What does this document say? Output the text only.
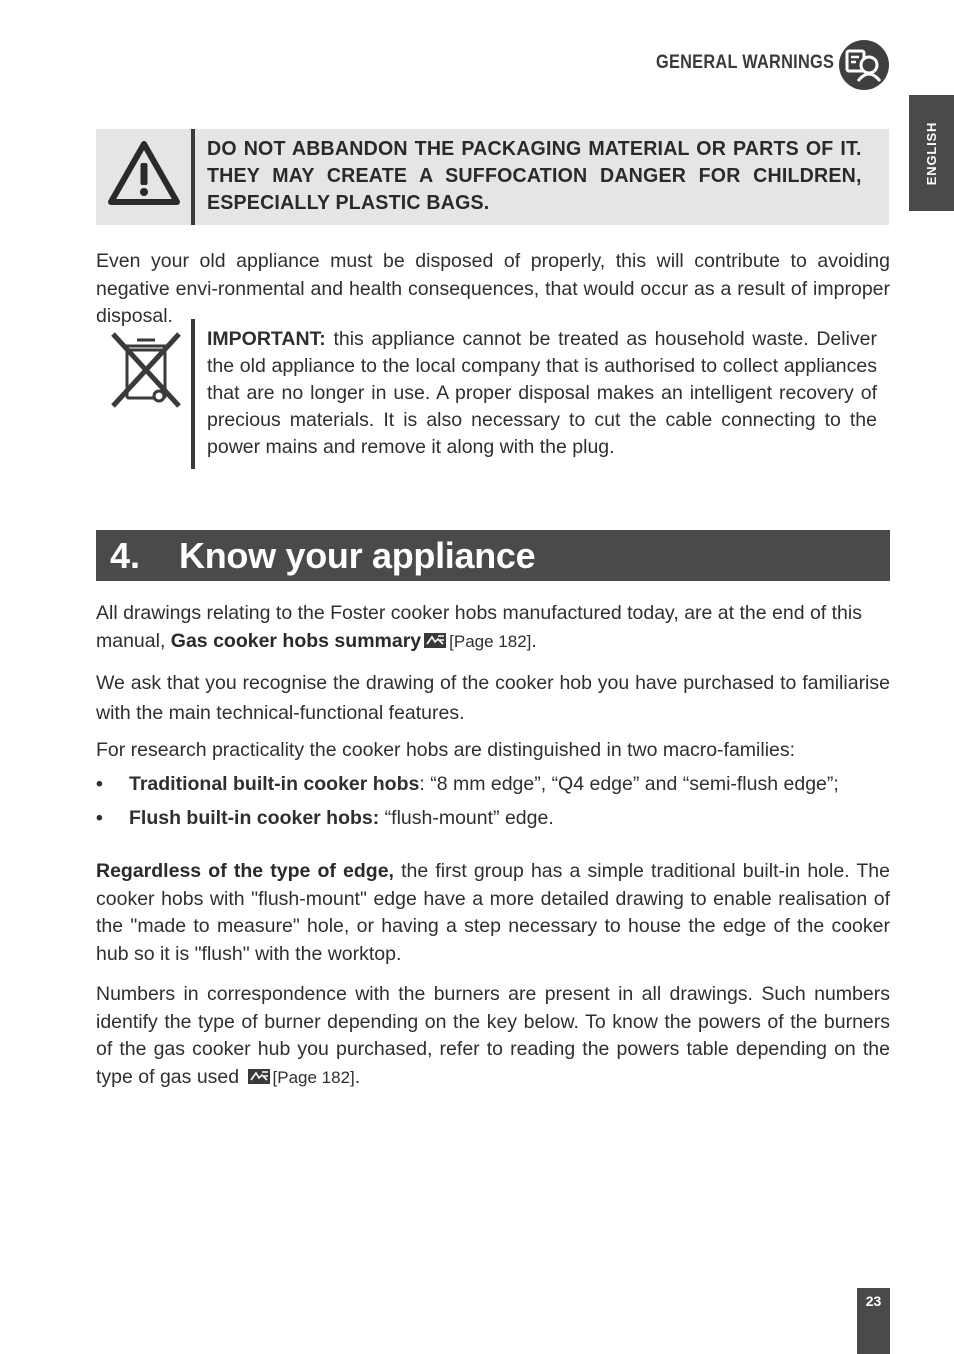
GENERAL WARNINGS
ENGLISH
DO NOT ABBANDON THE PACKAGING MATERIAL OR PARTS OF IT. THEY MAY CREATE A SUFFOCATION DANGER FOR CHILDREN, ESPECIALLY PLASTIC BAGS.
Even your old appliance must be disposed of properly, this will contribute to avoiding negative envi-ronmental and health consequences, that would occur as a result of improper disposal.
IMPORTANT: this appliance cannot be treated as household waste. Deliver the old appliance to the local company that is authorised to collect appliances that are no longer in use. A proper disposal makes an intelligent recovery of precious materials. It is also necessary to cut the cable connecting to the power mains and remove it along with the plug.
4. Know your appliance
All drawings relating to the Foster cooker hobs manufactured today, are at the end of this manual, Gas cooker hobs summary [Page 182].
We ask that you recognise the drawing of the cooker hob you have purchased to familiarise with the main technical-functional features.
For research practicality the cooker hobs are distinguished in two macro-families:
• Traditional built-in cooker hobs: “8 mm edge”, “Q4 edge” and “semi-flush edge”;
• Flush built-in cooker hobs: “flush-mount” edge.
Regardless of the type of edge, the first group has a simple traditional built-in hole. The cooker hobs with "flush-mount" edge have a more detailed drawing to enable realisation of the "made to measure" hole, or having a step necessary to house the edge of the cooker hub so it is "flush" with the worktop.
Numbers in correspondence with the burners are present in all drawings. Such numbers identify the type of burner depending on the key below. To know the powers of the burners of the gas cooker hub you purchased, refer to reading the powers table depending on the type of gas used [Page 182].
23
